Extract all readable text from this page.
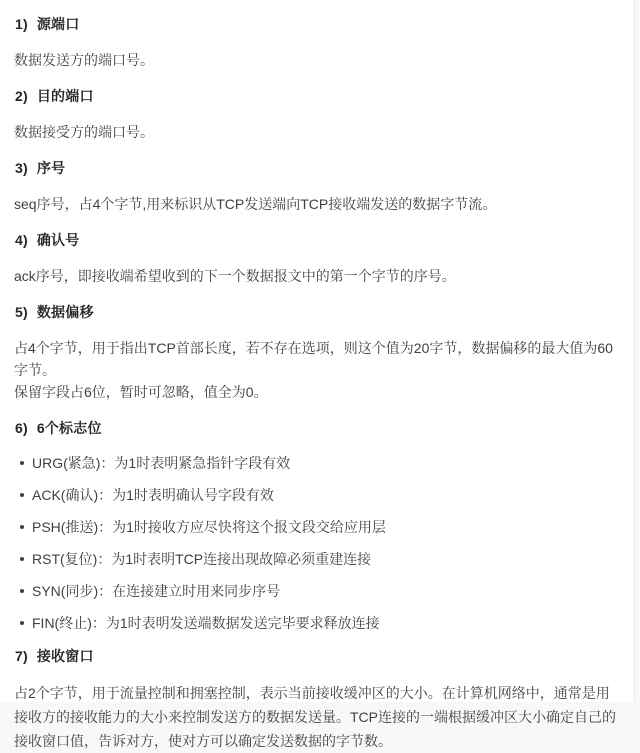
1) 源端口

数据发送方的端口号。

2) 目的端口

数据接受方的端口号。

3) 序号

seq序号，占4个字节,用来标识从TCP发送端向TCP接收端发送的数据字节流。

4) 确认号

ack序号，即接收端希望收到的下一个数据报文中的第一个字节的序号。

5) 数据偏移

占4个字节，用于指出TCP首部长度，若不存在选项，则这个值为20字节，数据偏移的最大值为60字节。
保留字段占6位，暂时可忽略，值全为0。

6) 6个标志位
URG(紧急)：为1时表明紧急指针字段有效
ACK(确认)：为1时表明确认号字段有效
PSH(推送)：为1时接收方应尽快将这个报文段交给应用层
RST(复位)：为1时表明TCP连接出现故障必须重建连接
SYN(同步)：在连接建立时用来同步序号
FIN(终止)：为1时表明发送端数据发送完毕要求释放连接
7) 接收窗口

占2个字节，用于流量控制和拥塞控制，表示当前接收缓冲区的大小。在计算机网络中，通常是用接收方的接收能力的大小来控制发送方的数据发送量。TCP连接的一端根据缓冲区大小确定自己的接收窗口值，告诉对方，使对方可以确定发送数据的字节数。
